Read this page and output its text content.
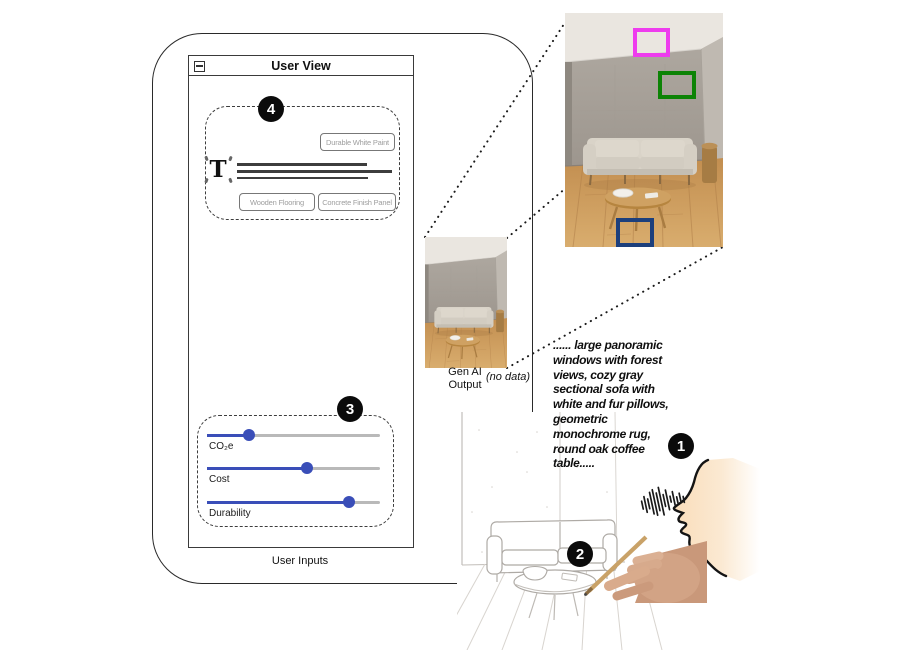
User View
4
Durable White Paint
T
Wooden Flooring	Concrete Finish Panel
3
CO₂e
Cost
Durability
User Inputs
Gen AI
Output
(no data)
...... large panoramic
windows with forest
views, cozy gray
sectional sofa with
white and fur pillows,
geometric
monochrome rug,
round oak coffee
table.....
1
2
